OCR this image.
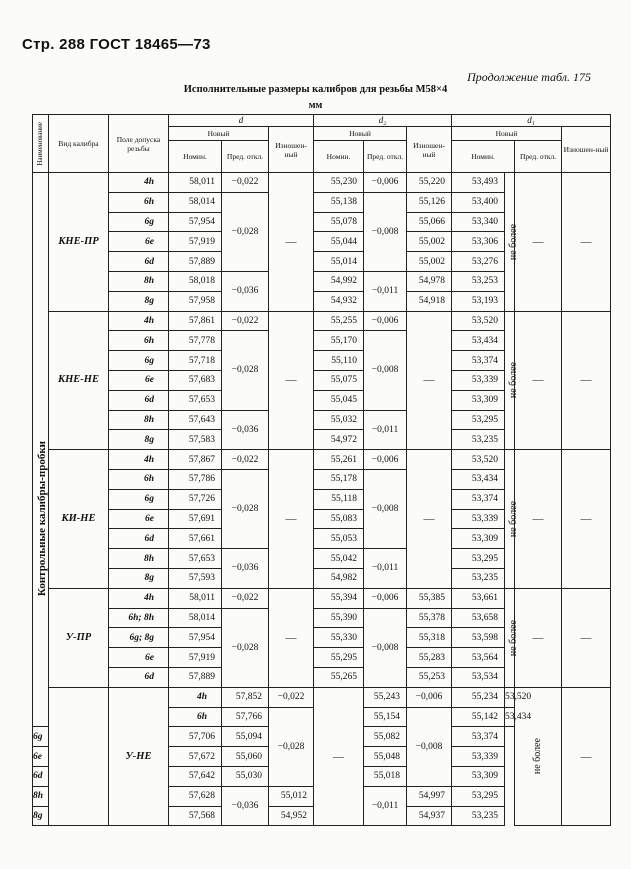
Стр. 288 ГОСТ 18465—73
Продолжение табл. 175
Исполнительные размеры калибров для резьбы М58×4
мм
Наименование	Вид калибра	Поле допуска резьбы	d			d₂			d₁				
			Новый		Изношен-ный	Новый		Изношен-ный	Новый			Изношен-ный	
			Номин.	Пред. откл.		Номин.	Пред. откл.		Номин.		Пред. откл.		
	КНЕ-ПР	4h	58,011	−0,022	—	55,230	−0,006	55,220	53,493	не более	—	—	
		6h	58,014	−0,028		55,138	−0,008	55,126	53,400				
		6g	57,954			55,078		55,066	53,340				
		6e	57,919			55,044		55,002	53,306				
		6d	57,889			55,014		55,002	53,276				
		8h	58,018	−0,036		54,992	−0,011	54,978	53,253				
		8g	57,958			54,932		54,918	53,193				

Контрольные калибры-пробки	КНЕ-НЕ	4h	57,861	−0,022	—	55,255	−0,006	—	53,520	не более	—	—	
		6h	57,778	−0,028		55,170	−0,008		53,434				
		6g	57,718			55,110			53,374				
		6e	57,683			55,075			53,339				
		6d	57,653			55,045			53,309				
		8h	57,643	−0,036		55,032	−0,011		53,295				
		8g	57,583			54,972			53,235				
	КИ-НЕ	4h	57,867	−0,022	—	55,261	−0,006	—	53,520	не более	—	—	
		6h	57,786	−0,028		55,178	−0,008		53,434				
		6g	57,726			55,118			53,374				
		6e	57,691			55,083			53,339				
		6d	57,661			55,053			53,309				
		8h	57,653	−0,036		55,042	−0,011		53,295				
		8g	57,593			54,982			53,235				
	У-ПР	4h	58,011	−0,022	—	55,394	−0,006	55,385	53,661	не более	—	—	
		6h; 8h	58,014	−0,028		55,390	−0,008	55,378	53,658				
		6g; 8g	57,954			55,330		55,318	53,598				
		6e	57,919			55,295		55,283	53,564				
		6d	57,889			55,265		55,253	53,534				
		У-НЕ	4h	57,852	−0,022	—	55,243	−0,006	55,234	53,520	не более	—	
			6h	57,766	−0,028		55,154	−0,008	55,142	53,434			
6g			57,706	55,094			55,082		53,374				
6e			57,672	55,060			55,048		53,339				
6d			57,642	55,030			55,018		53,309				
8h			57,628	−0,036	55,012		−0,011	54,997	53,295				
8g			57,568		54,952			54,937	53,235				
